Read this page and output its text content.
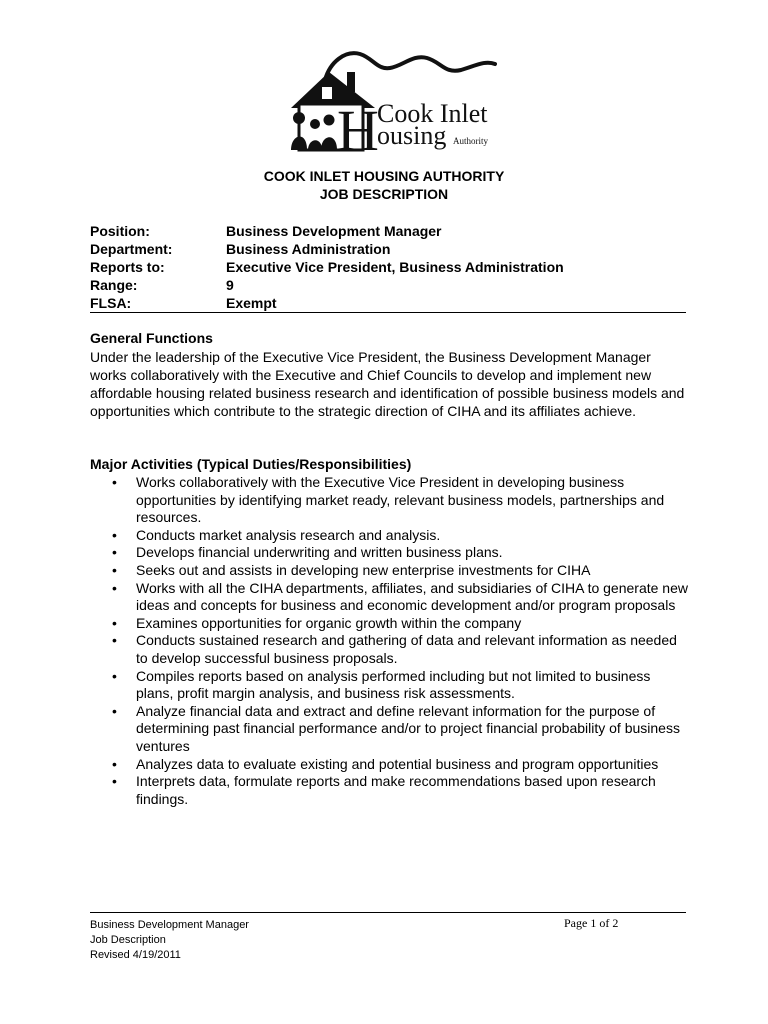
H
Cook Inlet
ousing Authority
COOK INLET HOUSING AUTHORITY
JOB DESCRIPTION
Position:	Business Development Manager
Department:	Business Administration
Reports to:	Executive Vice President, Business Administration
Range:	9
FLSA:	Exempt
General Functions
Under the leadership of the Executive Vice President, the Business Development Manager works collaboratively with the Executive and Chief Councils to develop and implement new affordable housing related business research and identification of possible business models and opportunities which contribute to the strategic direction of CIHA and its affiliates achieve.
Major Activities (Typical Duties/Responsibilities)
• Works collaboratively with the Executive Vice President in developing business opportunities by identifying market ready, relevant business models, partnerships and resources.
• Conducts market analysis research and analysis.
• Develops financial underwriting and written business plans.
• Seeks out and assists in developing new enterprise investments for CIHA
• Works with all the CIHA departments, affiliates, and subsidiaries of CIHA to generate new ideas and concepts for business and economic development and/or program proposals
• Examines opportunities for organic growth within the company
• Conducts sustained research and gathering of data and relevant information as needed to develop successful business proposals.
• Compiles reports based on analysis performed including but not limited to business plans, profit margin analysis, and business risk assessments.
• Analyze financial data and extract and define relevant information for the purpose of determining past financial performance and/or to project financial probability of business ventures
• Analyzes data to evaluate existing and potential business and program opportunities
• Interprets data, formulate reports and make recommendations based upon research findings.
Business Development Manager
Job Description
Revised 4/19/2011
Page 1 of 2
